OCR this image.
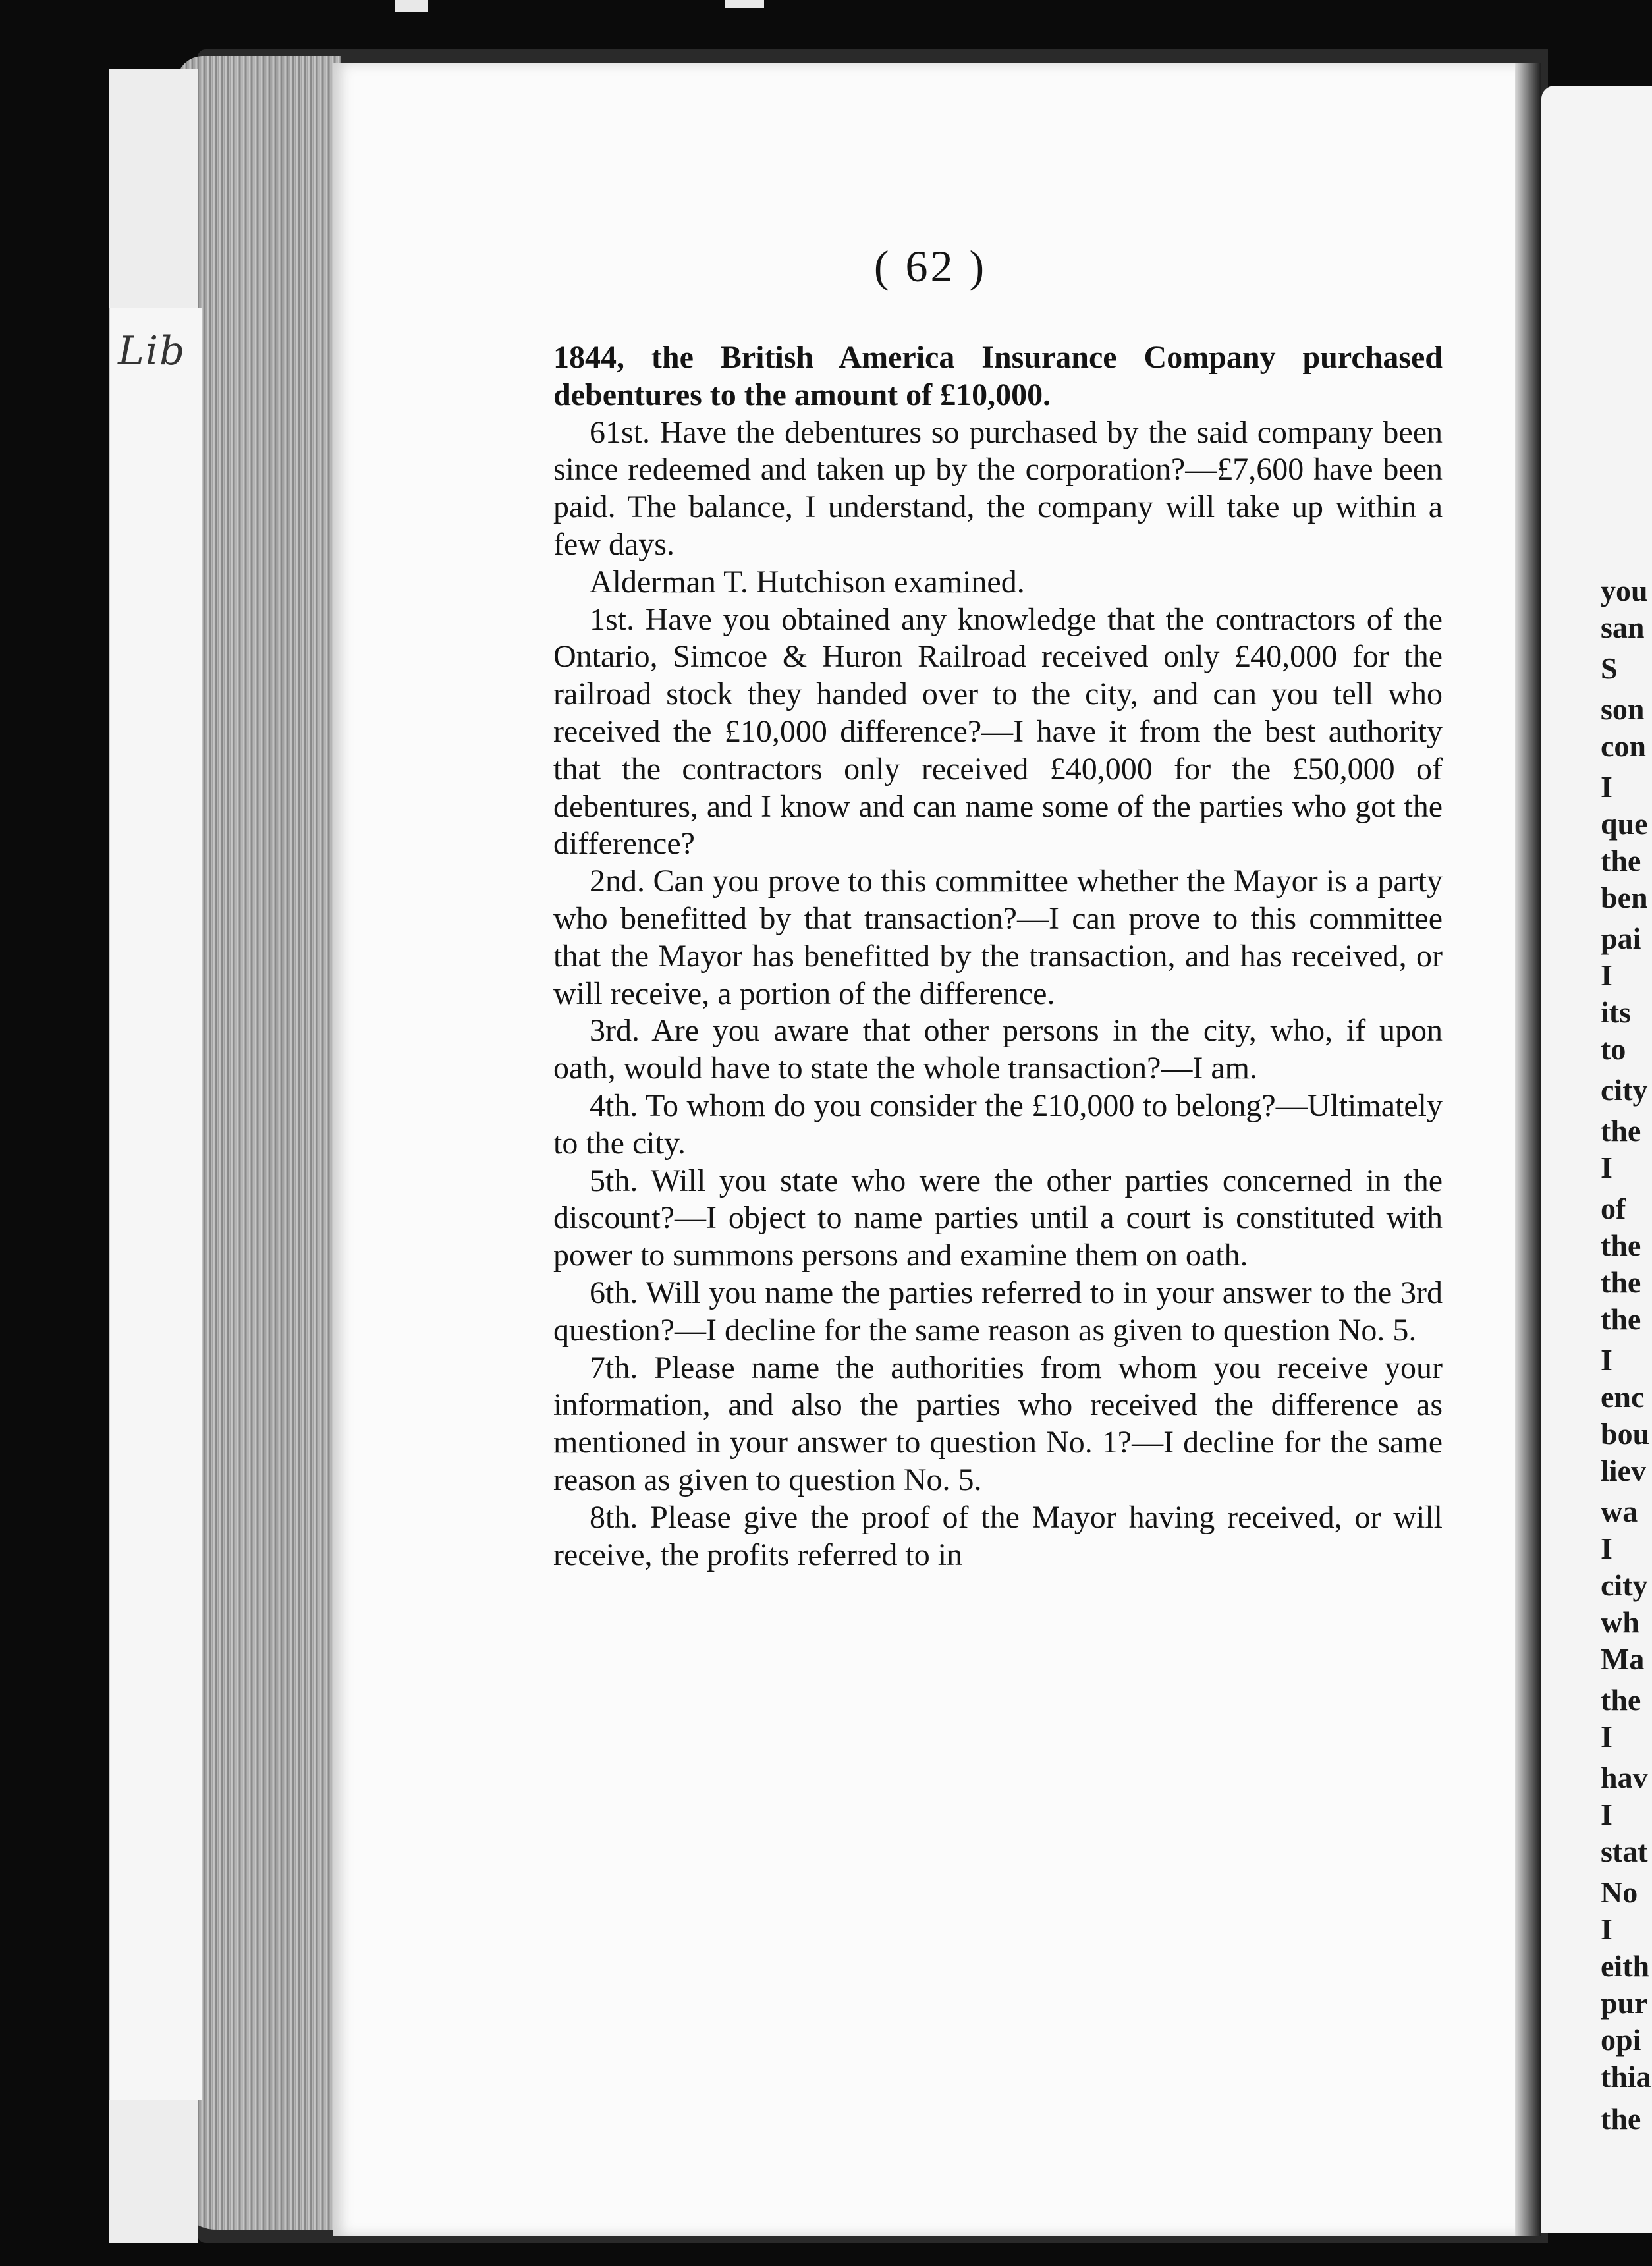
Lib
( 62 )

1844, the British America Insurance Company purchased debentures to the amount of £10,000.

61st. Have the debentures so purchased by the said company been since redeemed and taken up by the corporation?—£7,600 have been paid. The balance, I understand, the company will take up within a few days.

Alderman T. Hutchison examined.

1st. Have you obtained any knowledge that the contractors of the Ontario, Simcoe & Huron Railroad received only £40,000 for the railroad stock they handed over to the city, and can you tell who received the £10,000 difference?—I have it from the best authority that the contractors only received £40,000 for the £50,000 of debentures, and I know and can name some of the parties who got the difference?

2nd. Can you prove to this committee whether the Mayor is a party who benefitted by that transaction?—I can prove to this committee that the Mayor has benefitted by the transaction, and has received, or will receive, a portion of the difference.

3rd. Are you aware that other persons in the city, who, if upon oath, would have to state the whole transaction?—I am.

4th. To whom do you consider the £10,000 to belong?—Ultimately to the city.

5th. Will you state who were the other parties concerned in the discount?—I object to name parties until a court is constituted with power to summons persons and examine them on oath.

6th. Will you name the parties referred to in your answer to the 3rd question?—I decline for the same reason as given to question No. 5.

7th. Please name the authorities from whom you receive your information, and also the parties who received the difference as mentioned in your answer to question No. 1?—I decline for the same reason as given to question No. 5.

8th. Please give the proof of the Mayor having received, or will receive, the profits referred to in

you
san
S
son
con
I
que
the
ben
pai
I
its
to
city
the
I
of
the
the
the
I
enc
bou
liev
wa
I
city
wh
Ma
the
I
hav
I
stat
No
I
eith
pur
opi
thia
the
